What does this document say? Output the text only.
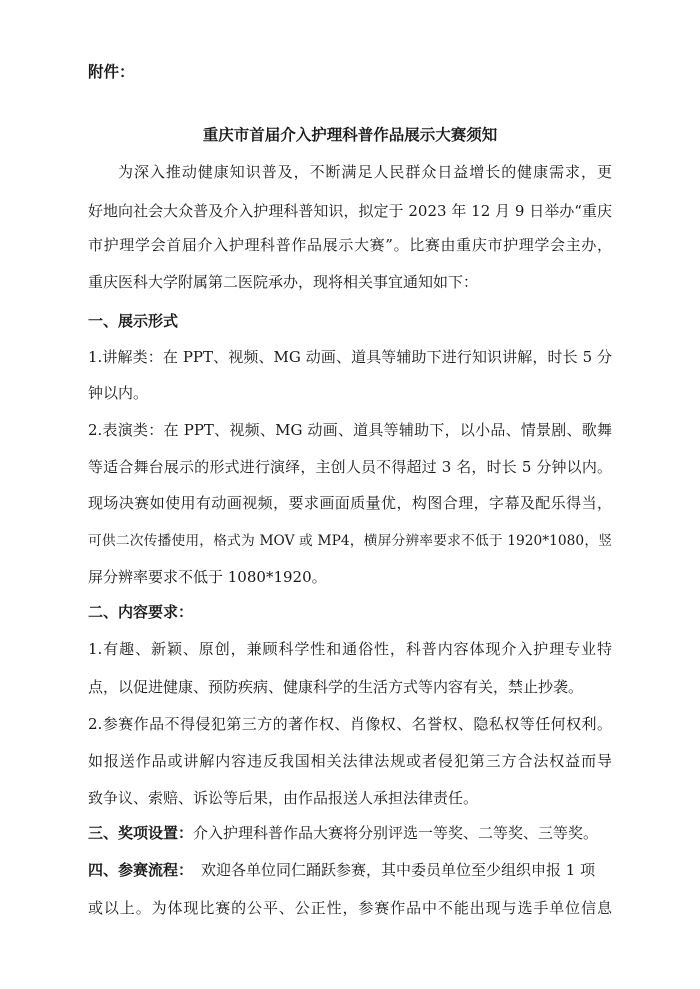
附件：
重庆市首届介入护理科普作品展示大赛须知
为深入推动健康知识普及，不断满足人民群众日益增长的健康需求，更
好地向社会大众普及介入护理科普知识，拟定于 2023 年 12 月 9 日举办“重庆
市护理学会首届介入护理科普作品展示大赛”。比赛由重庆市护理学会主办，
重庆医科大学附属第二医院承办，现将相关事宜通知如下：
一、展示形式
1.讲解类：在 PPT、视频、MG 动画、道具等辅助下进行知识讲解，时长 5 分
钟以内。
2.表演类：在 PPT、视频、MG 动画、道具等辅助下，以小品、情景剧、歌舞
等适合舞台展示的形式进行演绎，主创人员不得超过 3 名，时长 5 分钟以内。
现场决赛如使用有动画视频，要求画面质量优，构图合理，字幕及配乐得当，
可供二次传播使用，格式为 MOV 或 MP4，横屏分辨率要求不低于 1920*1080，竖
屏分辨率要求不低于 1080*1920。
二、内容要求：
1.有趣、新颖、原创，兼顾科学性和通俗性，科普内容体现介入护理专业特
点，以促进健康、预防疾病、健康科学的生活方式等内容有关，禁止抄袭。
2.参赛作品不得侵犯第三方的著作权、肖像权、名誉权、隐私权等任何权利。
如报送作品或讲解内容违反我国相关法律法规或者侵犯第三方合法权益而导
致争议、索赔、诉讼等后果，由作品报送人承担法律责任。
三、奖项设置：介入护理科普作品大赛将分别评选一等奖、二等奖、三等奖。
四、参赛流程： 欢迎各单位同仁踊跃参赛，其中委员单位至少组织申报 1 项
或以上。为体现比赛的公平、公正性，参赛作品中不能出现与选手单位信息
